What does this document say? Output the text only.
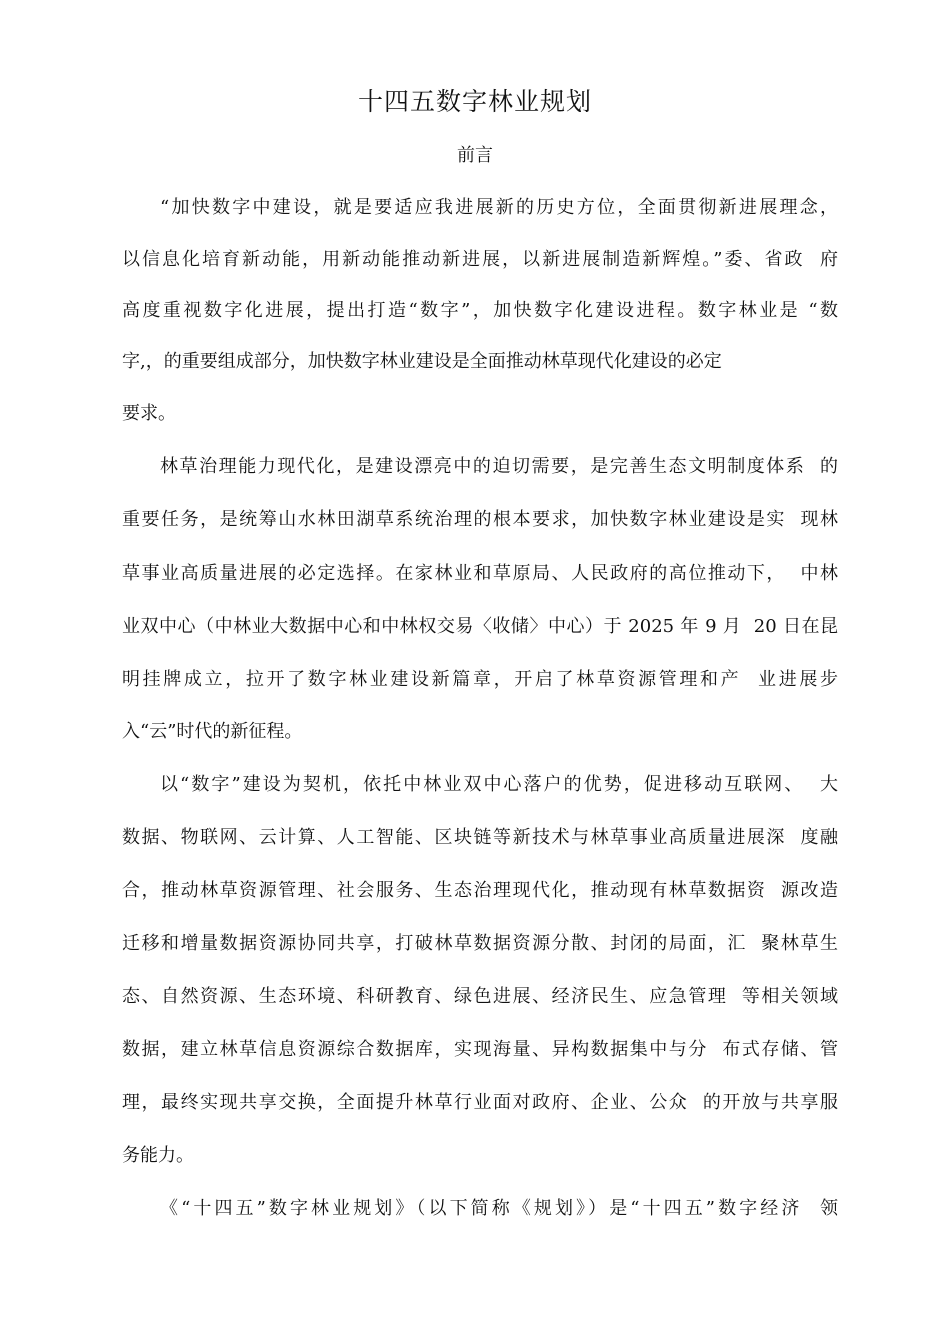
十四五数字林业规划
前言
“加快数字中建设，就是要适应我进展新的历史方位，全面贯彻新进展理念，
以信息化培育新动能，用新动能推动新进展，以新进展制造新辉煌。”委、省政  府
高度重视数字化进展，提出打造“数字”，加快数字化建设进程。数字林业是 “数
字,，的重要组成部分，加快数字林业建设是全面推动林草现代化建设的必定
要求。
林草治理能力现代化，是建设漂亮中的迫切需要，是完善生态文明制度体系  的
重要任务，是统筹山水林田湖草系统治理的根本要求，加快数字林业建设是实  现林
草事业高质量进展的必定选择。在家林业和草原局、人民政府的高位推动下，  中林
业双中心（中林业大数据中心和中林权交易〈收储〉中心）于 2025 年 9 月  20 日在昆
明挂牌成立，拉开了数字林业建设新篇章，开启了林草资源管理和产  业进展步
入“云”时代的新征程。
以“数字”建设为契机，依托中林业双中心落户的优势，促进移动互联网、  大
数据、物联网、云计算、人工智能、区块链等新技术与林草事业高质量进展深  度融
合，推动林草资源管理、社会服务、生态治理现代化，推动现有林草数据资  源改造
迁移和增量数据资源协同共享，打破林草数据资源分散、封闭的局面，汇  聚林草生
态、自然资源、生态环境、科研教育、绿色进展、经济民生、应急管理  等相关领域
数据，建立林草信息资源综合数据库，实现海量、异构数据集中与分  布式存储、管
理，最终实现共享交换，全面提升林草行业面对政府、企业、公众  的开放与共享服
务能力。
《“十四五”数字林业规划》（以下简称《规划》）是“十四五”数字经济  领
